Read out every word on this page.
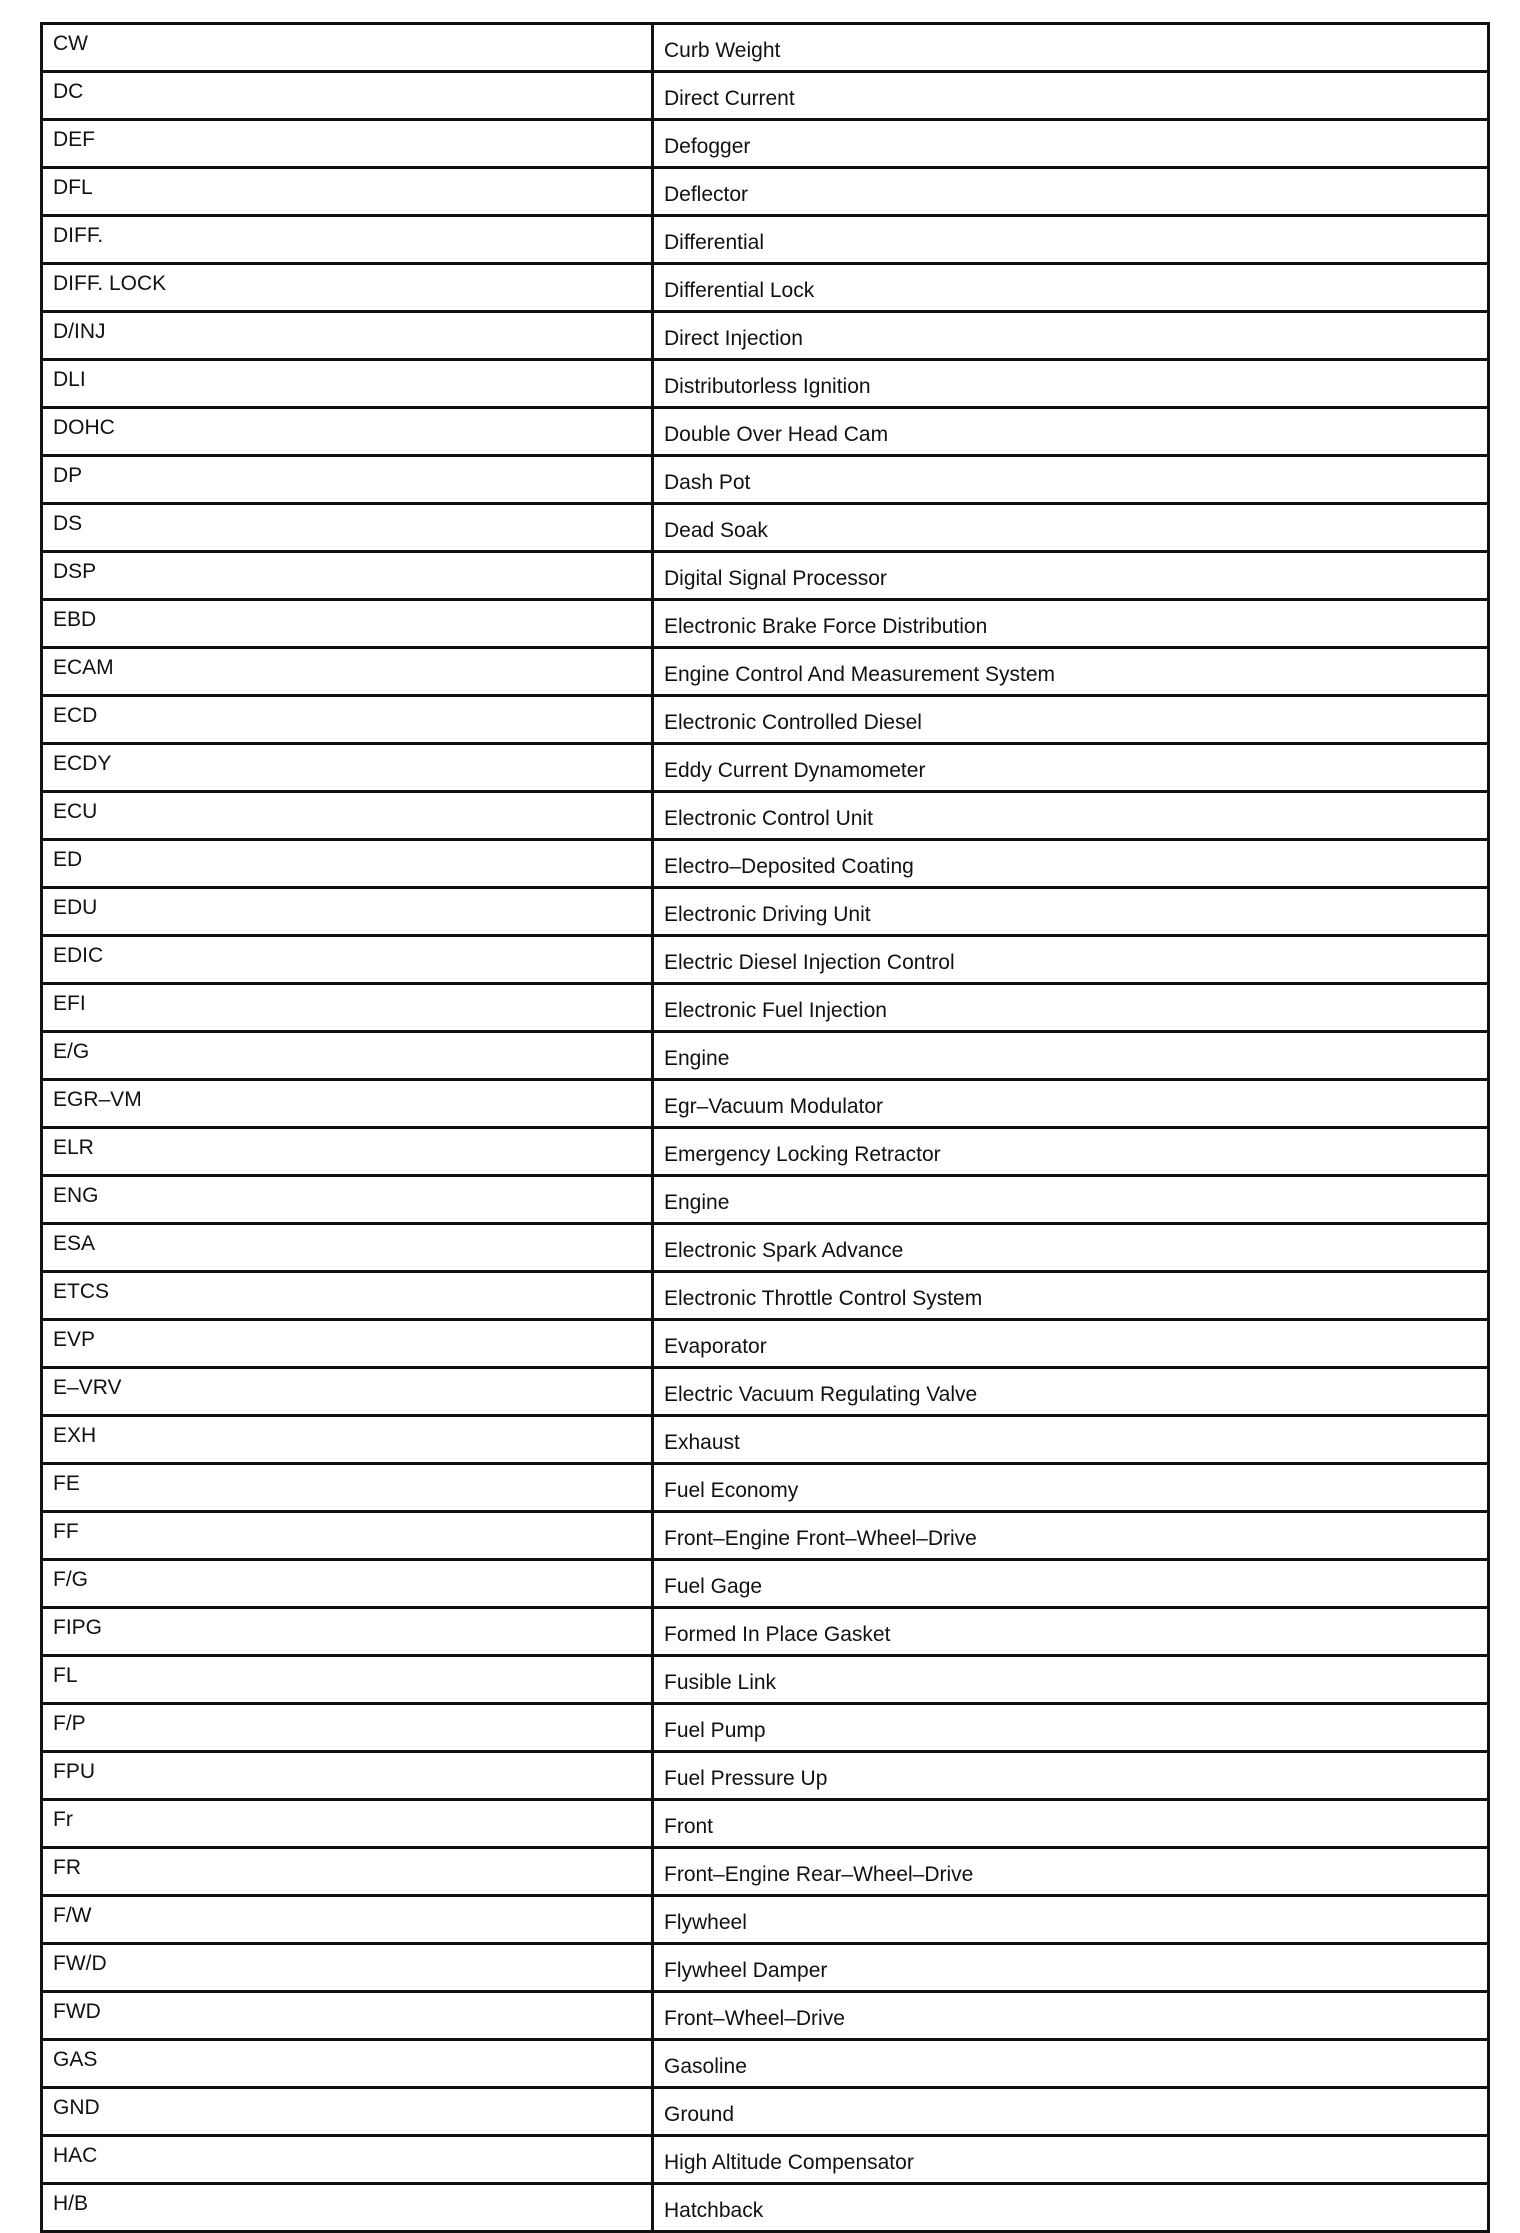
CW	Curb Weight
DC	Direct Current
DEF	Defogger
DFL	Deflector
DIFF.	Differential
DIFF. LOCK	Differential Lock
D/INJ	Direct Injection
DLI	Distributorless Ignition
DOHC	Double Over Head Cam
DP	Dash Pot
DS	Dead Soak
DSP	Digital Signal Processor
EBD	Electronic Brake Force Distribution
ECAM	Engine Control And Measurement System
ECD	Electronic Controlled Diesel
ECDY	Eddy Current Dynamometer
ECU	Electronic Control Unit
ED	Electro–Deposited Coating
EDU	Electronic Driving Unit
EDIC	Electric Diesel Injection Control
EFI	Electronic Fuel Injection
E/G	Engine
EGR–VM	Egr–Vacuum Modulator
ELR	Emergency Locking Retractor
ENG	Engine
ESA	Electronic Spark Advance
ETCS	Electronic Throttle Control System
EVP	Evaporator
E–VRV	Electric Vacuum Regulating Valve
EXH	Exhaust
FE	Fuel Economy
FF	Front–Engine Front–Wheel–Drive
F/G	Fuel Gage
FIPG	Formed In Place Gasket
FL	Fusible Link
F/P	Fuel Pump
FPU	Fuel Pressure Up
Fr	Front
FR	Front–Engine Rear–Wheel–Drive
F/W	Flywheel
FW/D	Flywheel Damper
FWD	Front–Wheel–Drive
GAS	Gasoline
GND	Ground
HAC	High Altitude Compensator
H/B	Hatchback
